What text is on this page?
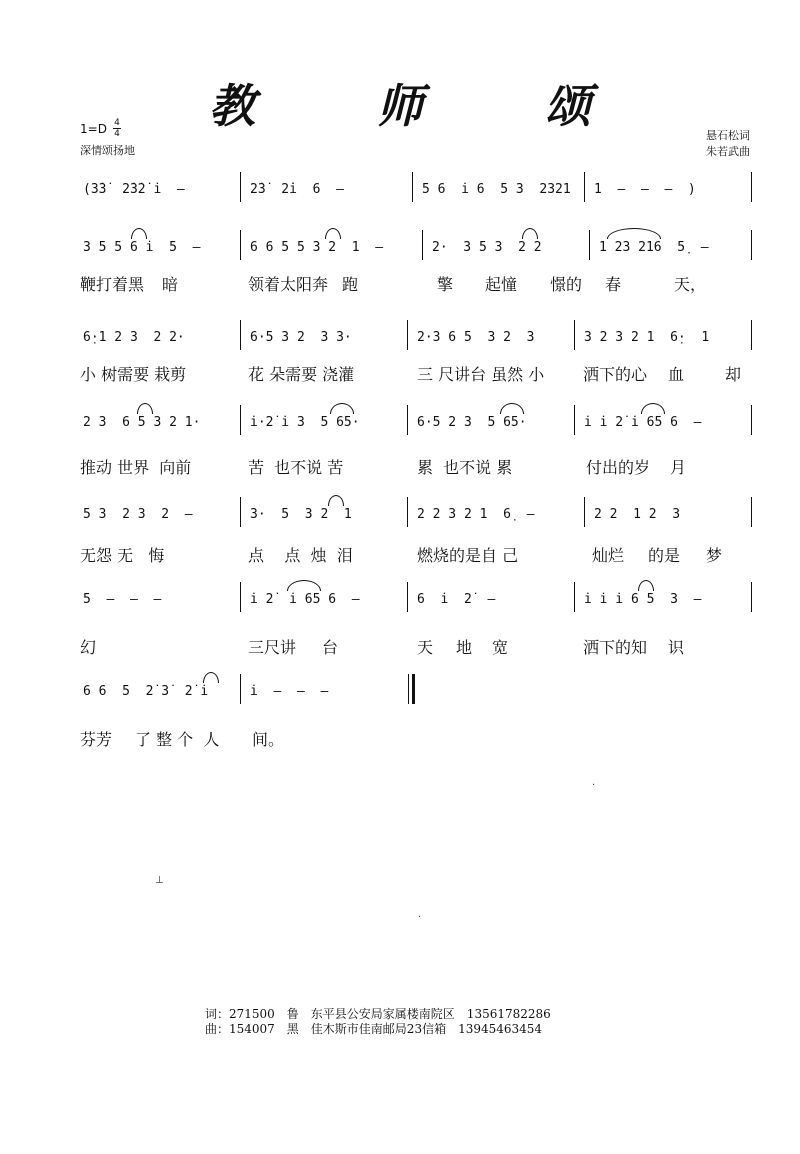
教　师　颂
$1=D \frac{4}{4}$
深情颂扬地
悬石松词
朱若武曲
(3̇3̇  2̇3̇2̇ i̇  –	2̇3̇  2̇i̇  6  –	5 6  i̇ 6  5 3  2321 1  –  –  –  )
3 5 5 6 i̇  5  –	6 6 5 5 3 2  1  –	2·  3 5 3  2 2	1 23 216  5̣  –
鞭打着黑 暗	领着太阳奔 跑	擎 起憧 憬的 春	天，
6̣·1 2 3  2 2·	6·5 3 2  3 3·	2·3 6 5  3 2  3	3 2 3 2 1  6̣·  1
小 树需要 栽剪	花 朵需要 浇灌	三 尺讲台 虽然 小 洒下的心 血	却
2 3  6 5 3 2 1·	i̇·2̇ i̇ 3  5 65·	6·5 2 3  5 65·	i̇ i̇ 2̇ i̇ 65 6  –
推动 世界  向前	苦  也不说 苦	累  也不说 累	付出的岁 月
5 3  2 3  2  –	3·  5  3 2  1	2 2 3 2 1  6̣  –	2 2  1 2  3
无怨 无   悔	点    点  烛  泪	燃烧的是自 己	灿烂 的是 梦
5  –  –  –	i̇ 2̇  i̇ 65 6  –	6  i̇  2̇  –	i̇ i̇ i̇ 6 5  3  –
幻	三尺讲 台	天 地 宽	洒下的知 识
6 6  5  2̇ 3̇  2̇ i̇	i̇  –  –  –
芬芳 了 整 个  人 间。
·
⊥
·
词：271500　鲁　东平县公安局家属楼南院区　13561782286
曲：154007　黑　佳木斯市佳南邮局23信箱　13945463454
